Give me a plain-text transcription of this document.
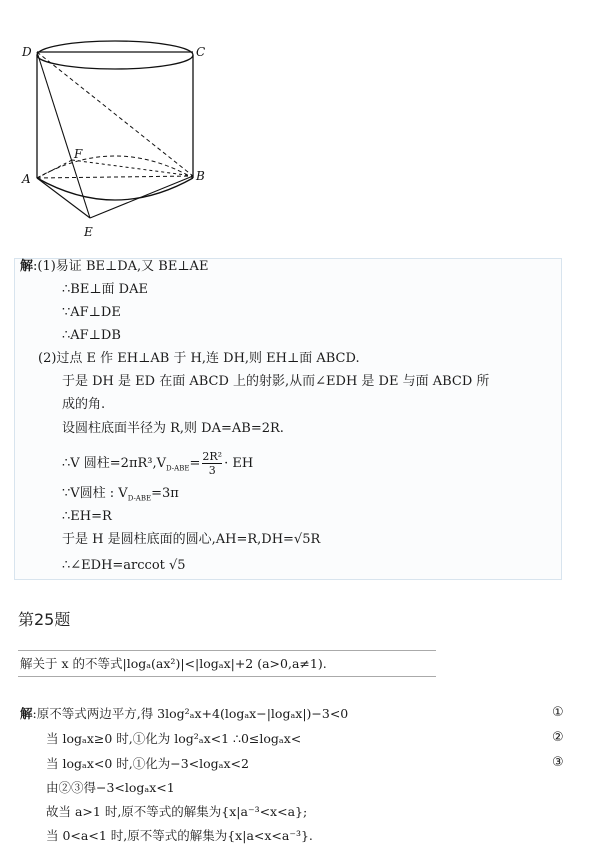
D	C
A	B
F
E
解:(1)易证 BE⊥DA,又 BE⊥AE
∴BE⊥面 DAE
∵AF⊥DE
∴AF⊥DB
(2)过点 E 作 EH⊥AB 于 H,连 DH,则 EH⊥面 ABCD.
于是 DH 是 ED 在面 ABCD 上的射影,从而∠EDH 是 DE 与面 ABCD 所
成的角.
设圆柱底面半径为 R,则 DA=AB=2R.
∴V 圆柱$=2\pi R^3,V_{D-ABE}= \frac{\text{2R²}}{3}$ · EH
∵V圆柱 : $V_{D-ABE}=3\pi$
∴EH=R
于是 H 是圆柱底面的圆心,AH=R,DH=√5R
∴∠EDH=arccot √5
第25题
解关于 x 的不等式|logₐ(ax²)|<|logₐx|+2 (a>0,a≠1).
解:原不等式两边平方,得 3log²ₐx+4(logₐx−|logₐx|)−3<0
当 logₐx≥0 时,①化为 log²ₐx<1 ∴0≤logₐx<
当 logₐx<0 时,①化为−3<logₐx<2
由②③得−3<logₐx<1
故当 a>1 时,原不等式的解集为{x|a⁻³<x<a};
当 0<a<1 时,原不等式的解集为{x|a<x<a⁻³}.
①
②
③
